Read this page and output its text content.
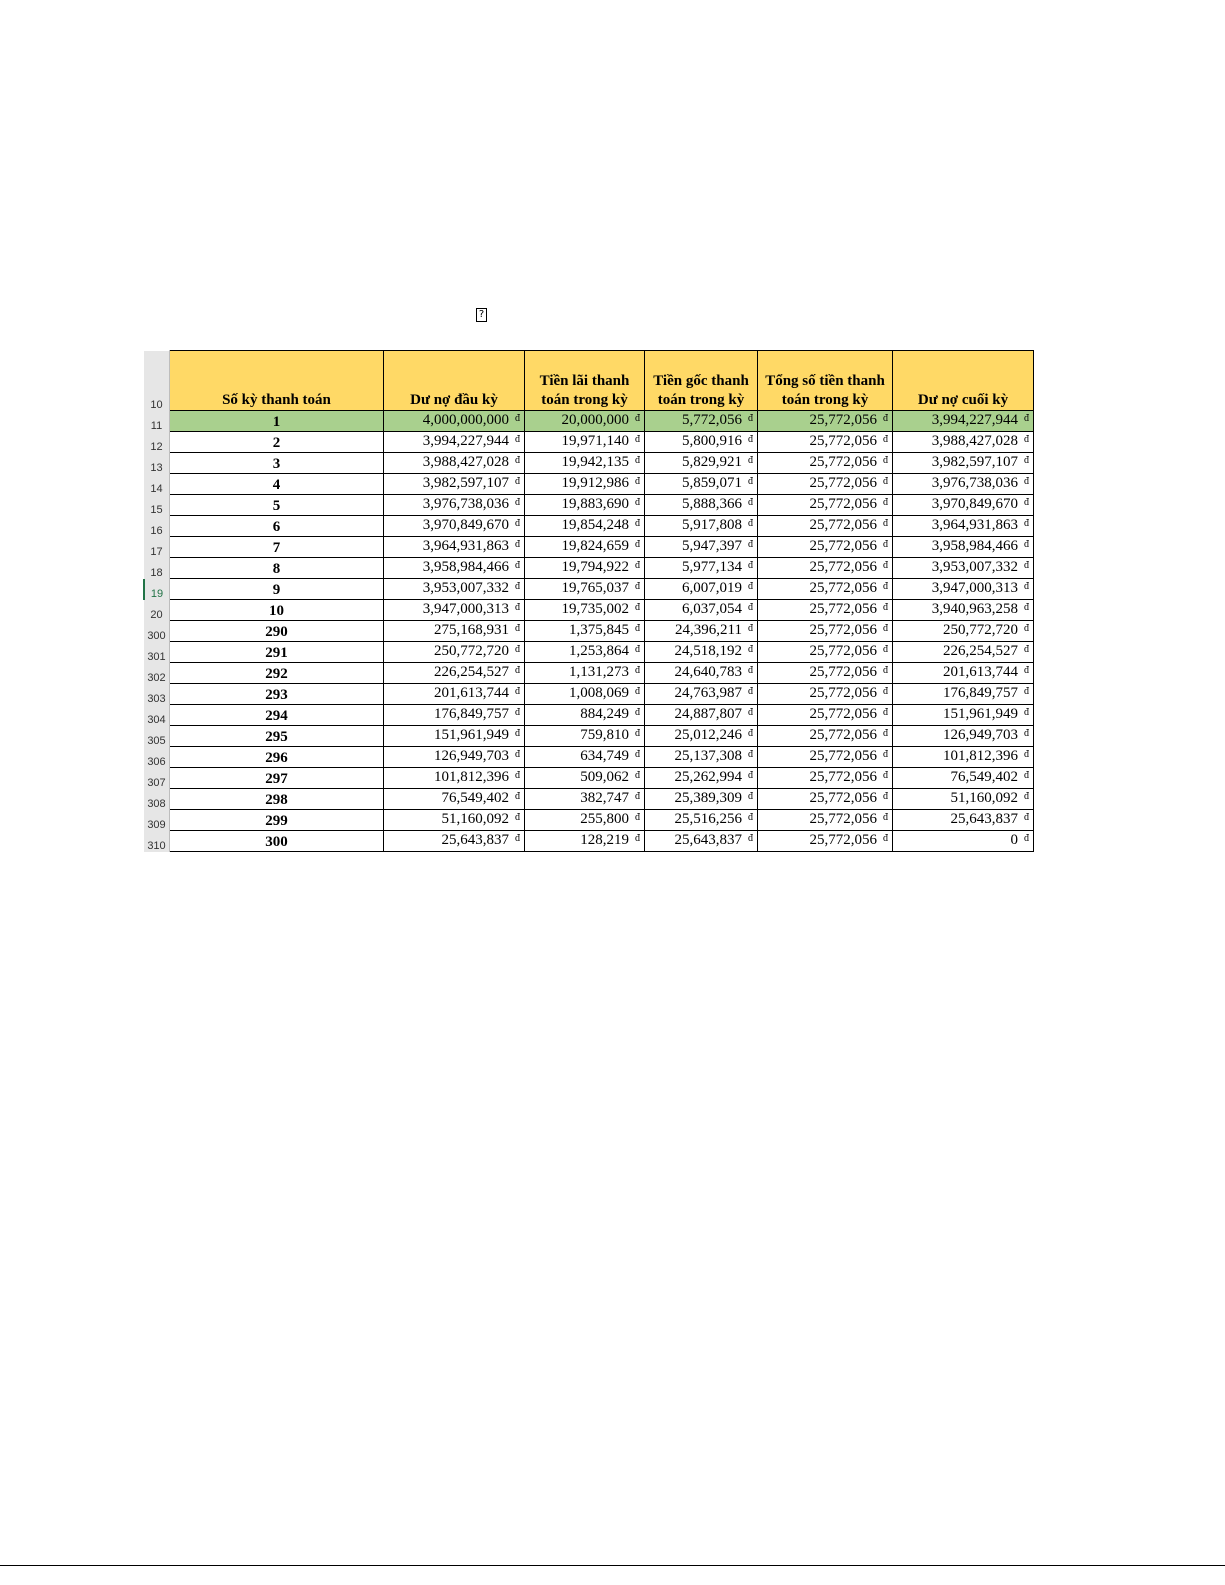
?
10	Số kỳ thanh toán	Dư nợ đầu kỳ	Tiền lãi thanh toán trong kỳ	Tiền gốc thanh toán trong kỳ	Tổng số tiền thanh toán trong kỳ	Dư nợ cuối kỳ
11	1	4,000,000,000 $^đ$	20,000,000 $^đ$	5,772,056 $^đ$	25,772,056 $^đ$	3,994,227,944 $^đ$
12	2	3,994,227,944 $^đ$	19,971,140 $^đ$	5,800,916 $^đ$	25,772,056 $^đ$	3,988,427,028 $^đ$
13	3	3,988,427,028 $^đ$	19,942,135 $^đ$	5,829,921 $^đ$	25,772,056 $^đ$	3,982,597,107 $^đ$
14	4	3,982,597,107 $^đ$	19,912,986 $^đ$	5,859,071 $^đ$	25,772,056 $^đ$	3,976,738,036 $^đ$
15	5	3,976,738,036 $^đ$	19,883,690 $^đ$	5,888,366 $^đ$	25,772,056 $^đ$	3,970,849,670 $^đ$
16	6	3,970,849,670 $^đ$	19,854,248 $^đ$	5,917,808 $^đ$	25,772,056 $^đ$	3,964,931,863 $^đ$
17	7	3,964,931,863 $^đ$	19,824,659 $^đ$	5,947,397 $^đ$	25,772,056 $^đ$	3,958,984,466 $^đ$
18	8	3,958,984,466 $^đ$	19,794,922 $^đ$	5,977,134 $^đ$	25,772,056 $^đ$	3,953,007,332 $^đ$
19	9	3,953,007,332 $^đ$	19,765,037 $^đ$	6,007,019 $^đ$	25,772,056 $^đ$	3,947,000,313 $^đ$
20	10	3,947,000,313 $^đ$	19,735,002 $^đ$	6,037,054 $^đ$	25,772,056 $^đ$	3,940,963,258 $^đ$
300	290	275,168,931 $^đ$	1,375,845 $^đ$	24,396,211 $^đ$	25,772,056 $^đ$	250,772,720 $^đ$
301	291	250,772,720 $^đ$	1,253,864 $^đ$	24,518,192 $^đ$	25,772,056 $^đ$	226,254,527 $^đ$
302	292	226,254,527 $^đ$	1,131,273 $^đ$	24,640,783 $^đ$	25,772,056 $^đ$	201,613,744 $^đ$
303	293	201,613,744 $^đ$	1,008,069 $^đ$	24,763,987 $^đ$	25,772,056 $^đ$	176,849,757 $^đ$
304	294	176,849,757 $^đ$	884,249 $^đ$	24,887,807 $^đ$	25,772,056 $^đ$	151,961,949 $^đ$
305	295	151,961,949 $^đ$	759,810 $^đ$	25,012,246 $^đ$	25,772,056 $^đ$	126,949,703 $^đ$
306	296	126,949,703 $^đ$	634,749 $^đ$	25,137,308 $^đ$	25,772,056 $^đ$	101,812,396 $^đ$
307	297	101,812,396 $^đ$	509,062 $^đ$	25,262,994 $^đ$	25,772,056 $^đ$	76,549,402 $^đ$
308	298	76,549,402 $^đ$	382,747 $^đ$	25,389,309 $^đ$	25,772,056 $^đ$	51,160,092 $^đ$
309	299	51,160,092 $^đ$	255,800 $^đ$	25,516,256 $^đ$	25,772,056 $^đ$	25,643,837 $^đ$
310	300	25,643,837 $^đ$	128,219 $^đ$	25,643,837 $^đ$	25,772,056 $^đ$	0 $^đ$
